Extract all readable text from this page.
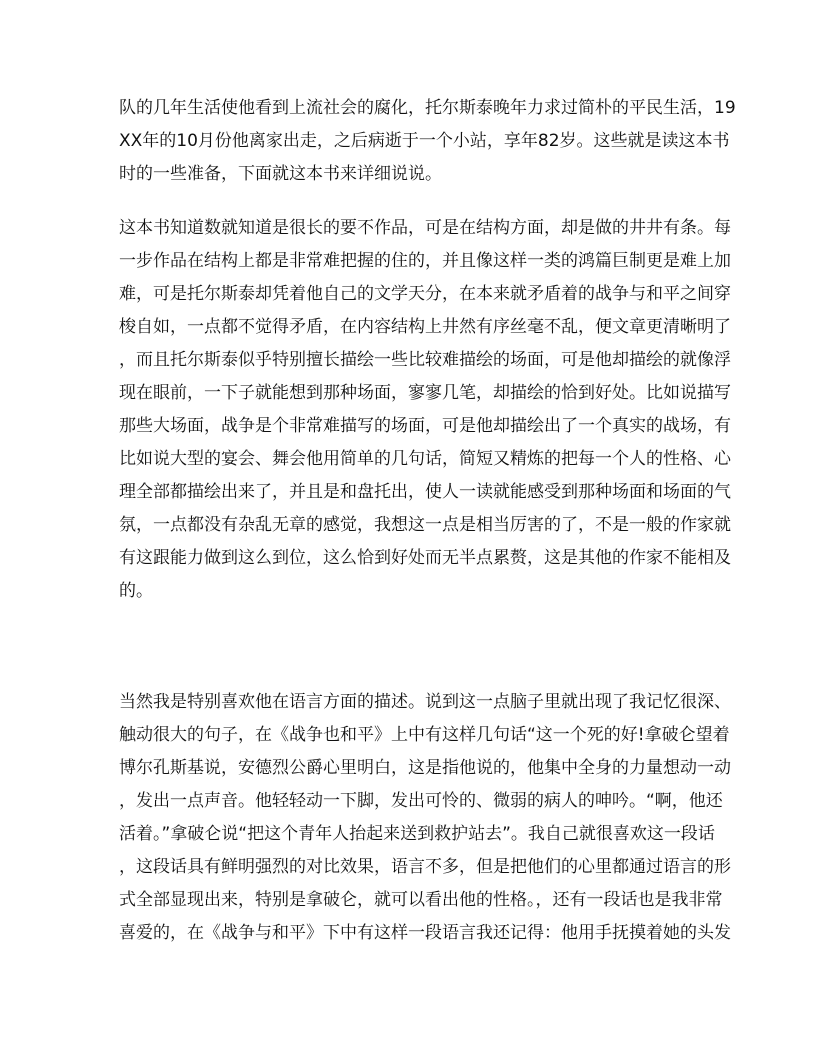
队的几年生活使他看到上流社会的腐化，托尔斯泰晚年力求过简朴的平民生活，19
XX年的10月份他离家出走，之后病逝于一个小站，享年82岁。这些就是读这本书
时的一些准备，下面就这本书来详细说说。
这本书知道数就知道是很长的要不作品，可是在结构方面，却是做的井井有条。每
一步作品在结构上都是非常难把握的住的，并且像这样一类的鸿篇巨制更是难上加
难，可是托尔斯泰却凭着他自己的文学天分，在本来就矛盾着的战争与和平之间穿
梭自如，一点都不觉得矛盾，在内容结构上井然有序丝毫不乱，便文章更清晰明了
，而且托尔斯泰似乎特别擅长描绘一些比较难描绘的场面，可是他却描绘的就像浮
现在眼前，一下子就能想到那种场面，寥寥几笔，却描绘的恰到好处。比如说描写
那些大场面，战争是个非常难描写的场面，可是他却描绘出了一个真实的战场，有
比如说大型的宴会、舞会他用简单的几句话，简短又精炼的把每一个人的性格、心
理全部都描绘出来了，并且是和盘托出，使人一读就能感受到那种场面和场面的气
氛，一点都没有杂乱无章的感觉，我想这一点是相当厉害的了，不是一般的作家就
有这跟能力做到这么到位，这么恰到好处而无半点累赘，这是其他的作家不能相及
的。
当然我是特别喜欢他在语言方面的描述。说到这一点脑子里就出现了我记忆很深、
触动很大的句子，在《战争也和平》上中有这样几句话“这一个死的好!拿破仑望着
博尔孔斯基说，安德烈公爵心里明白，这是指他说的，他集中全身的力量想动一动
，发出一点声音。他轻轻动一下脚，发出可怜的、微弱的病人的呻吟。“啊，他还
活着。”拿破仑说“把这个青年人抬起来送到救护站去”。我自己就很喜欢这一段话
，这段话具有鲜明强烈的对比效果，语言不多，但是把他们的心里都通过语言的形
式全部显现出来，特别是拿破仑，就可以看出他的性格。，还有一段话也是我非常
喜爱的，在《战争与和平》下中有这样一段语言我还记得：他用手抚摸着她的头发
